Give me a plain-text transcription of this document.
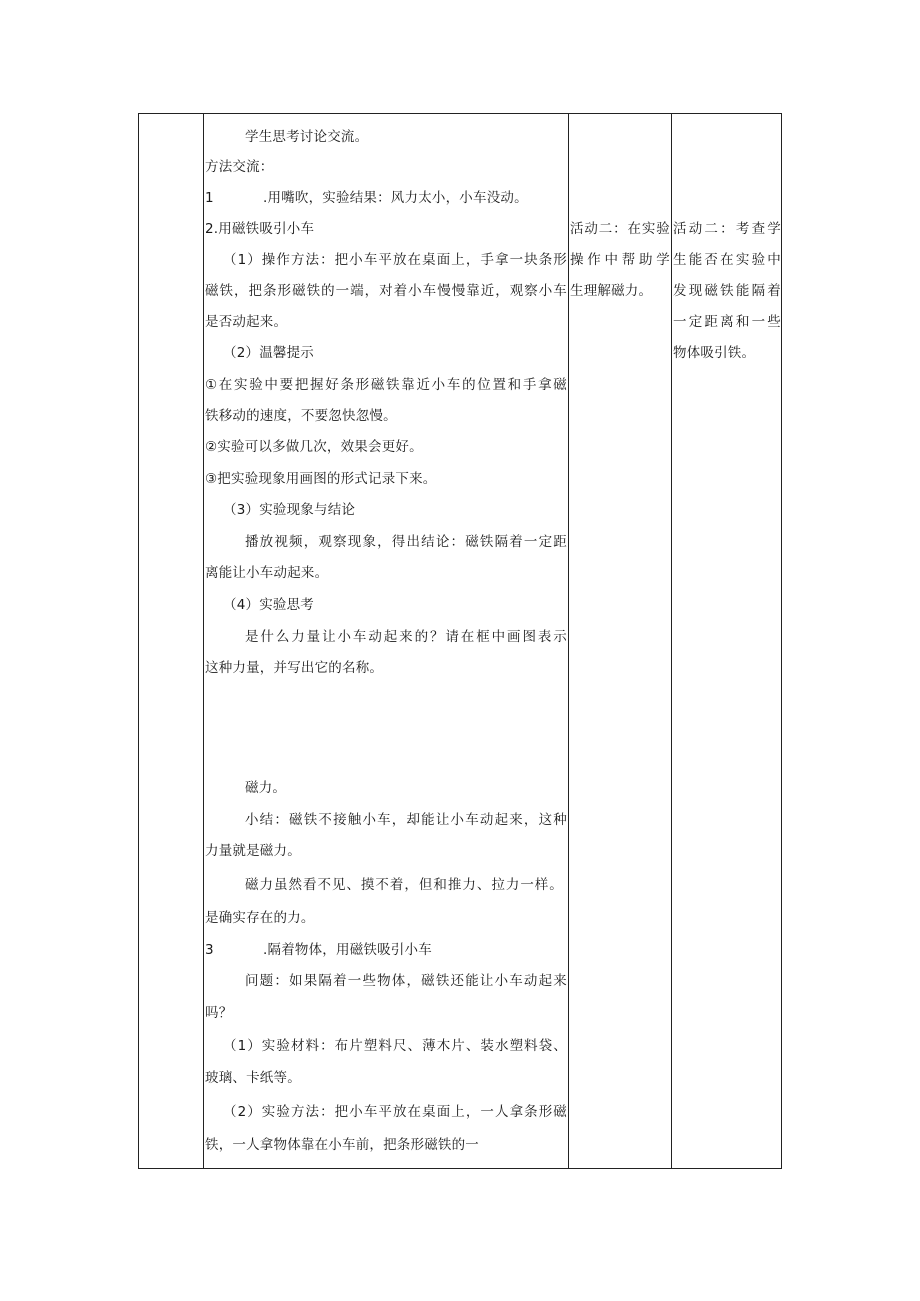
学生思考讨论交流。
方法交流：
1	.用嘴吹，实验结果：风力太小，小车没动。
2.用磁铁吸引小车
（1）操作方法：把小车平放在桌面上，手拿一块条形
磁铁，把条形磁铁的一端，对着小车慢慢靠近，观察小车
是否动起来。
（2）温馨提示
①在实验中要把握好条形磁铁靠近小车的位置和手拿磁
铁移动的速度，不要忽快忽慢。
②实验可以多做几次，效果会更好。
③把实验现象用画图的形式记录下来。
（3）实验现象与结论
播放视频，观察现象，得出结论：磁铁隔着一定距
离能让小车动起来。
（4）实验思考
是什么力量让小车动起来的？请在框中画图表示
这种力量，并写出它的名称。
磁力。
小结：磁铁不接触小车，却能让小车动起来，这种
力量就是磁力。
磁力虽然看不见、摸不着，但和推力、拉力一样。
是确实存在的力。
3	.隔着物体，用磁铁吸引小车
问题：如果隔着一些物体，磁铁还能让小车动起来
吗？
（1）实验材料：布片塑料尺、薄木片、装水塑料袋、
玻璃、卡纸等。
（2）实验方法：把小车平放在桌面上，一人拿条形磁
铁，一人拿物体靠在小车前，把条形磁铁的一
活动二：在实验
操作中帮助学
生理解磁力。
活动二：考查学
生能否在实验中
发现磁铁能隔着
一定距离和一些
物体吸引铁。
